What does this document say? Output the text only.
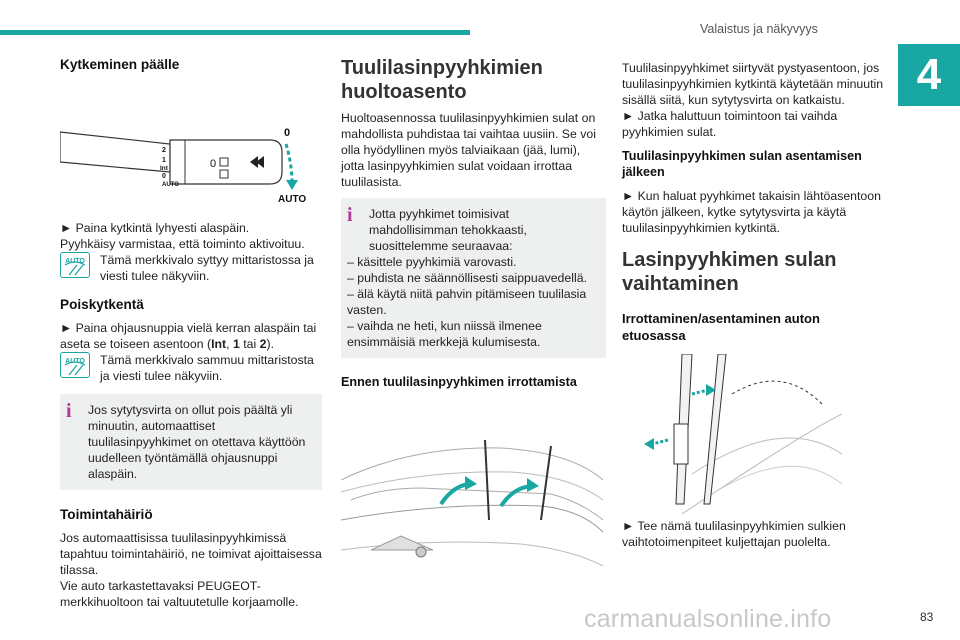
Valaistus ja näkyvyys
4
Kytkeminen päälle
2
1
Int
0
AUTO
0
0
AUTO

► Paina kytkintä lyhyesti alaspäin.

Pyyhkäisy varmistaa, että toiminto aktivoituu.

AUTO	Tämä merkkivalo syttyy mittaristossa ja viesti tulee näkyviin.

Poiskytkentä

► Paina ohjausnuppia vielä kerran alaspäin tai aseta se toiseen asentoon (Int, 1 tai 2).

AUTO	Tämä merkkivalo sammuu mittaristosta ja viesti tulee näkyviin.

i	Jos sytytysvirta on ollut pois päältä yli minuutin, automaattiset tuulilasinpyyhkimet on otettava käyttöön uudelleen työntämällä ohjausnuppi alaspäin.

Toimintahäiriö

Jos automaattisissa tuulilasinpyyhkimissä tapahtuu toimintahäiriö, ne toimivat ajoittaisessa tilassa.

Vie auto tarkastettavaksi PEUGEOT-merkkihuoltoon tai valtuutetulle korjaamolle.

Tuulilasinpyyhkimien huoltoasento

Huoltoasennossa tuulilasinpyyhkimien sulat on mahdollista puhdistaa tai vaihtaa uusiin. Se voi olla hyödyllinen myös talviaikaan (jää, lumi), jotta lasinpyyhkimien sulat voidaan irrottaa tuulilasista.

i	Jotta pyyhkimet toimisivat mahdollisimman tehokkaasti, suosittelemme seuraavaa:

– käsittele pyyhkimiä varovasti.

– puhdista ne säännöllisesti saippuavedellä.

– älä käytä niitä pahvin pitämiseen tuulilasia vasten.

– vaihda ne heti, kun niissä ilmenee ensimmäisiä merkkejä kulumisesta.

Ennen tuulilasinpyyhkimen irrottamista

Tuulilasinpyyhkimet siirtyvät pystyasentoon, jos tuulilasinpyyhkimien kytkintä käytetään minuutin sisällä siitä, kun sytytysvirta on katkaistu.

► Jatka haluttuun toimintoon tai vaihda pyyhkimien sulat.

Tuulilasinpyyhkimen sulan asentamisen jälkeen

► Kun haluat pyyhkimet takaisin lähtöasentoon käytön jälkeen, kytke sytytysvirta ja käytä tuulilasinpyyhkimien kytkintä.

Lasinpyyhkimen sulan vaihtaminen
Irrottaminen/asentaminen auton etuosassa

► Tee nämä tuulilasinpyyhkimien sulkien vaihtotoimenpiteet kuljettajan puolelta.

carmanualsonline.info	83
